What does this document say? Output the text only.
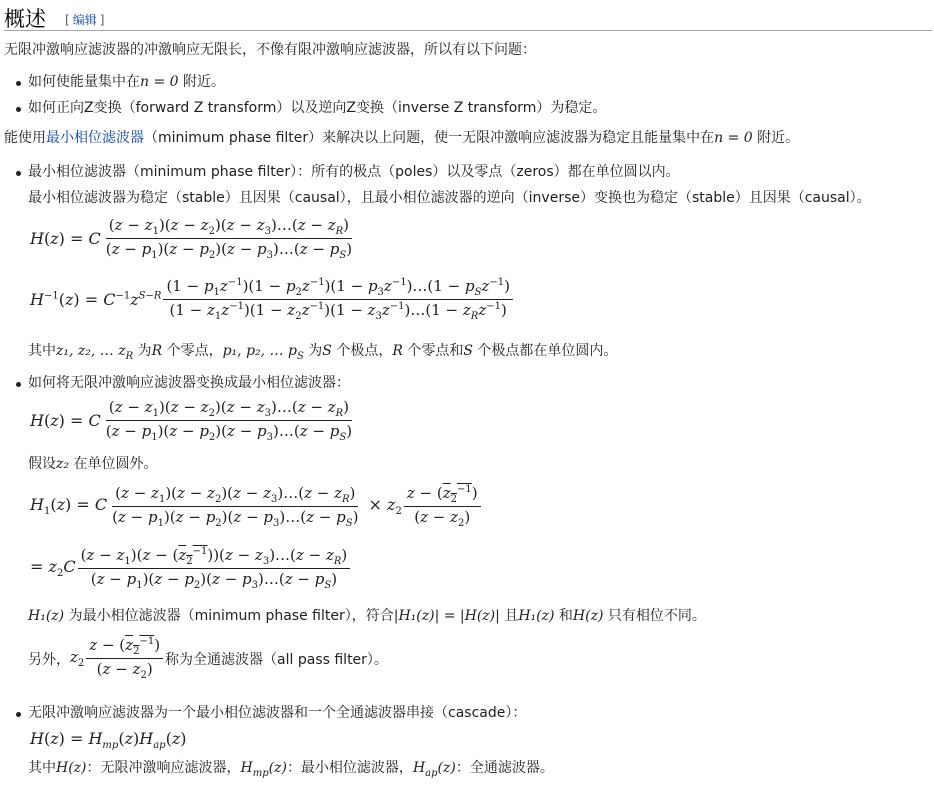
概述 [ 编辑 ]
无限冲激响应滤波器的冲激响应无限长，不像有限冲激响应滤波器，所以有以下问题：
如何使能量集中在n = 0 附近。
如何正向Z变换（forward Z transform）以及逆向Z变换（inverse Z transform）为稳定。
能使用最小相位滤波器（minimum phase filter）来解决以上问题，使一无限冲激响应滤波器为稳定且能量集中在n = 0 附近。
最小相位滤波器（minimum phase filter）：所有的极点（poles）以及零点（zeros）都在单位圆以内。
最小相位滤波器为稳定（stable）且因果（causal），且最小相位滤波器的逆向（inverse）变换也为稳定（stable）且因果（causal）。
H(z) = C $\frac{(z - z_1)(z - z_2)(z - z_3)\dots(z - z_R)}{(z - p_1)(z - p_2)(z - p_3)\dots(z - p_S)}$
$H^{-1}(z) = C^{-1}z^{S-R} \frac{(1 - p_1z^{-1})(1 - p_2z^{-1})(1 - p_3z^{-1})\dots(1 - p_Sz^{-1})}{(1 - z_1z^{-1})(1 - z_2z^{-1})(1 - z_3z^{-1})\dots(1 - z_Rz^{-1})}$
其中z₁, z₂, … $z_R$ 为R 个零点，p₁, p₂, … $p_S$ 为S 个极点，R 个零点和S 个极点都在单位圆内。
如何将无限冲激响应滤波器变换成最小相位滤波器：
H(z) = C $\frac{(z - z_1)(z - z_2)(z - z_3)\dots(z - z_R)}{(z - p_1)(z - p_2)(z - p_3)\dots(z - p_S)}$
假设z₂ 在单位圆外。
$H_1(z) = C \frac{(z - z_1)(z - z_2)(z - z_3)\dots(z - z_R)}{(z - p_1)(z - p_2)(z - p_3)\dots(z - p_S)} \times z_2 \frac{z - (z_2^{-1})}{(z - z_2)}$
= $z_2C \frac{(z - z_1)(z - (z_2^{-1}))(z - z_3)\dots(z - z_R)}{(z - p_1)(z - p_2)(z - p_3)\dots(z - p_S)}$
H₁(z) 为最小相位滤波器（minimum phase filter），符合|H₁(z)| = |H(z)| 且H₁(z) 和H(z) 只有相位不同。
另外， $z_2 \frac{z - (z_2^{-1})}{(z - z_2)}$ 称为全通滤波器（all pass filter）。
无限冲激响应滤波器为一个最小相位滤波器和一个全通滤波器串接（cascade）：
$H(z) = H_{mp}(z)H_{ap}(z)$
其中H(z)：无限冲激响应滤波器，$H_{mp}(z)$：最小相位滤波器，$H_{ap}(z)$：全通滤波器。
